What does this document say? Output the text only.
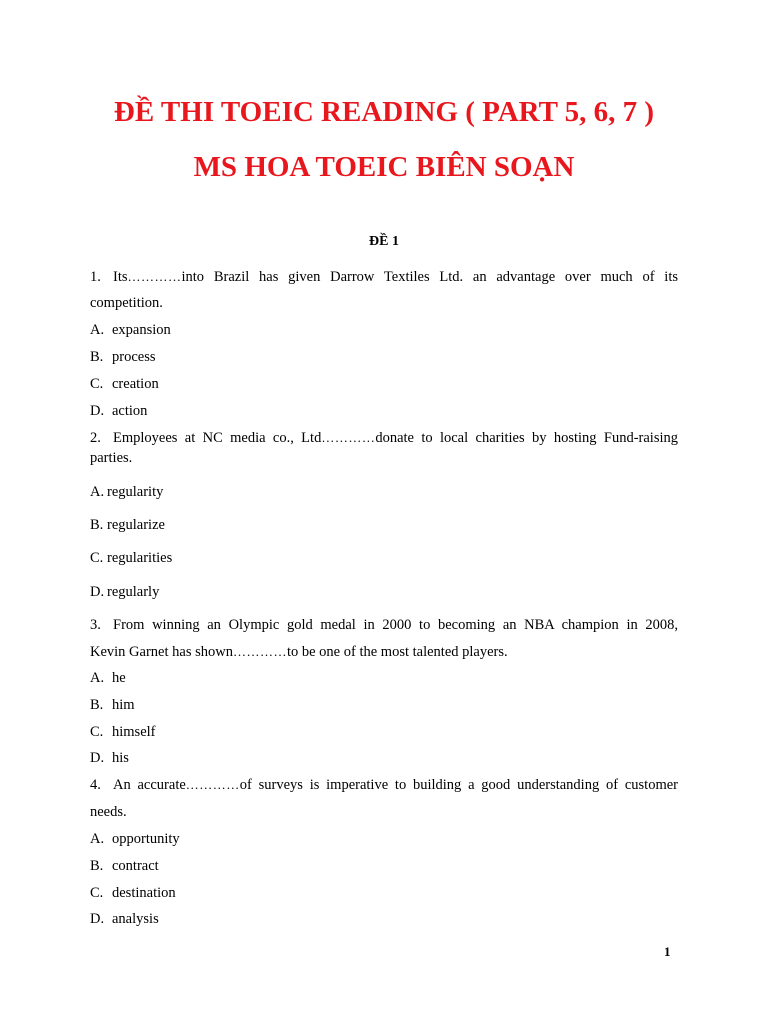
ĐỀ THI TOEIC READING ( PART 5, 6, 7 )
MS HOA TOEIC BIÊN SOẠN
ĐỀ 1
1. Its…………into Brazil has given Darrow Textiles Ltd. an advantage over much of its
competition.
A. expansion
B. process
C. creation
D. action
2. Employees at NC media co., Ltd…………donate to local charities by hosting Fund-raising
parties.
A. regularity
B. regularize
C. regularities
D. regularly
3. From winning an Olympic gold medal in 2000 to becoming an NBA champion in 2008,
Kevin Garnet has shown…………to be one of the most talented players.
A. he
B. him
C. himself
D. his
4. An accurate…………of surveys is imperative to building a good understanding of customer
needs.
A. opportunity
B. contract
C. destination
D. analysis
1
